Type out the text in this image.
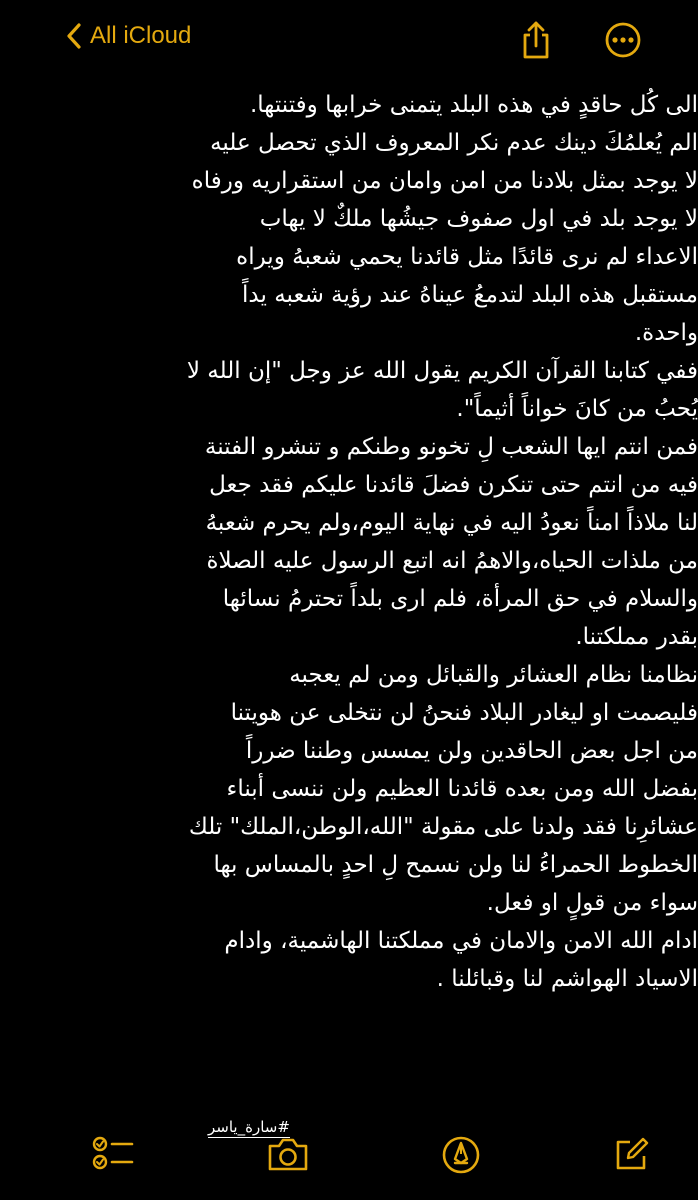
All iCloud

الى كُل حاقدٍ في هذه البلد يتمنى خرابها وفتنتها.

الم يُعلمُكَ دينك عدم نكر المعروف الذي تحصل عليه
لا يوجد بمثل بلادنا من امن وامان من استقراريه ورفاه
لا يوجد بلد في اول صفوف جيشُها ملكٌ لا يهاب
الاعداء لم نرى قائدًا مثل قائدنا يحمي شعبهُ ويراه
مستقبل هذه البلد لتدمعُ عيناهُ عند رؤية شعبه يداً
واحدة.

ففي كتابنا القرآن الكريم يقول الله عز وجل "إن الله لا
يُحبُ من كانَ خواناً أثيماً".

فمن انتم ايها الشعب لِ تخونو وطنكم و تنشرو الفتنة
فيه من انتم حتى تنكرن فضلَ قائدنا عليكم فقد جعل
لنا ملاذاً امناً نعودُ اليه في نهاية اليوم،ولم يحرم شعبهُ
من ملذات الحياه،والاهمُ انه اتبع الرسول عليه الصلاة
والسلام في حق المرأة، فلم ارى بلداً تحترمُ نسائها
بقدر مملكتنا.

نظامنا نظام العشائر والقبائل ومن لم يعجبه
فليصمت او ليغادر البلاد فنحنُ لن نتخلى عن هويتنا
من اجل بعض الحاقدين ولن يمسس وطننا ضرراً
بفضل الله ومن بعده قائدنا العظيم ولن ننسى أبناء
عشائرِنا فقد ولدنا على مقولة "الله،الوطن،الملك" تلك
الخطوط الحمراءُ لنا ولن نسمح لِ احدٍ بالمساس بها
سواء من قولٍ او فعل.

ادام الله الامن والامان في مملكتنا الهاشمية، وادام
الاسياد الهواشم لنا وقبائلنا .

#سارة_ياسر
